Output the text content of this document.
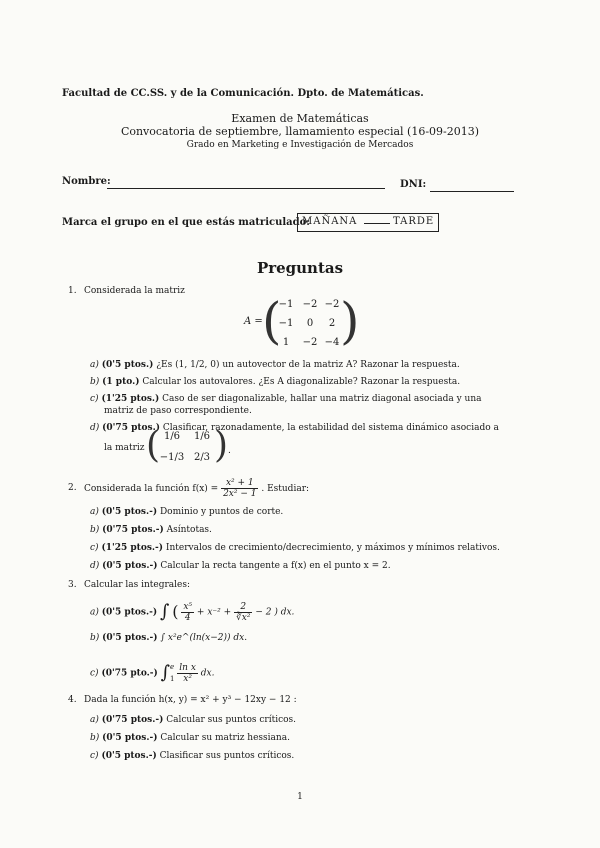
Facultad de CC.SS. y de la Comunicación. Dpto. de Matemáticas.
Examen de Matemáticas
Convocatoria de septiembre, llamamiento especial (16-09-2013)
Grado en Marketing e Investigación de Mercados
Nombre:	DNI:
Marca el grupo en el que estás matriculado:
MAÑANA	TARDE
Preguntas
1. Considerada la matriz
A = ( )
−1 −2 −2
−1	0	2
1	−2 −4
a) (0'5 ptos.) ¿Es (1, 1/2, 0) un autovector de la matriz A? Razonar la respuesta.
b) (1 pto.) Calcular los autovalores. ¿Es A diagonalizable? Razonar la respuesta.
c) (1'25 ptos.) Caso de ser diagonalizable, hallar una matriz diagonal asociada y una
matriz de paso correspondiente.
d) (0'75 ptos.) Clasificar, razonadamente, la estabilidad del sistema dinámico asociado a
la matriz ( )
1/6	1/6
−1/3 2/3
.
2. Considerada la función $f(x) = \frac{\text{x² + 1}}{\text{2x² − 1}}$ . Estudiar:
a) (0'5 ptos.-) Dominio y puntos de corte.
b) (0'75 ptos.-) Asíntotas.
c) (1'25 ptos.-) Intervalos de crecimiento/decrecimiento, y máximos y mínimos relativos.
d) (0'5 ptos.-) Calcular la recta tangente a f(x) en el punto x = 2.
3. Calcular las integrales:
a) (0'5 ptos.-) ∫ ( $\frac{\text{x⁵}}{4} + x^{-2} + \frac{2}{\text{∛x²}} - 2$ ) dx.
b) (0'5 ptos.-) ∫ x²e^(ln(x−2)) dx.
c) (0'75 pto.-) ∫ e
1
$\frac{\text{ln x}}{\text{x²}}$ dx.
4. Dada la función h(x, y) = x² + y³ − 12xy − 12 :
a) (0'75 ptos.-) Calcular sus puntos críticos.
b) (0'5 ptos.-) Calcular su matriz hessiana.
c) (0'5 ptos.-) Clasificar sus puntos críticos.
1
